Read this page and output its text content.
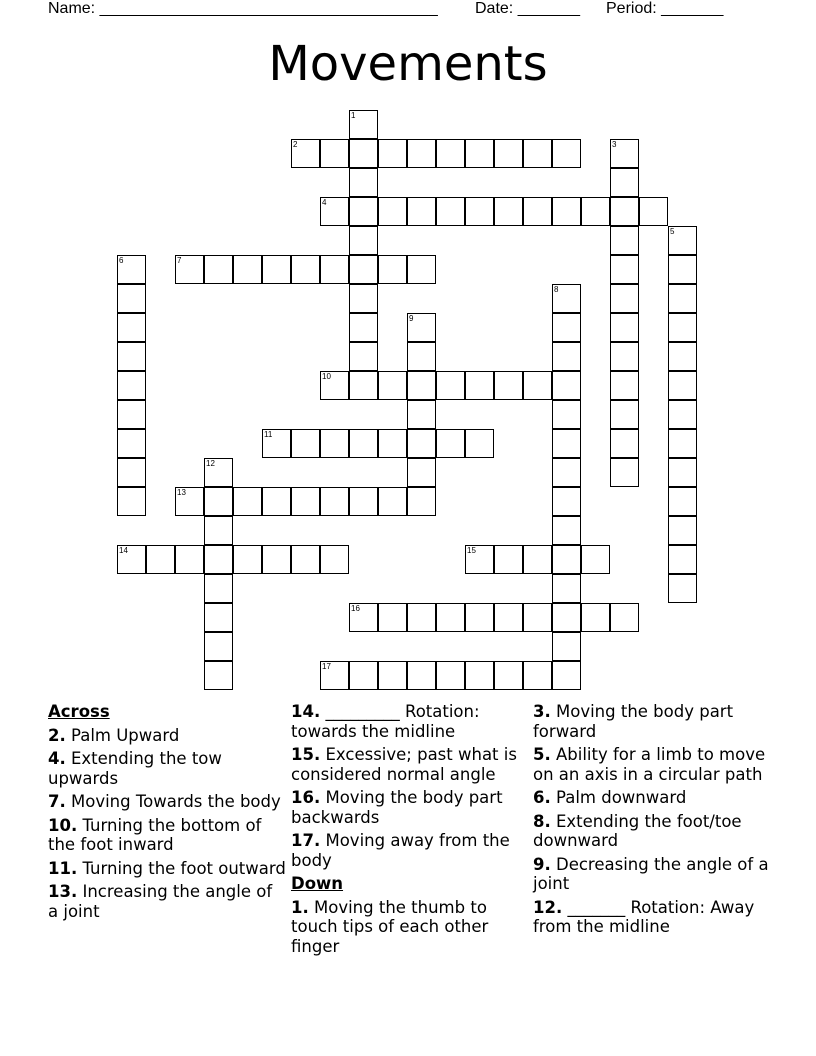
Name: ______________________________________ Date: _______ Period: _______
Movements
1
2	3
4
5
6	7
8
9
10
11
12
13
14	15
16
17
Across
2. Palm Upward
4. Extending the tow upwards
7. Moving Towards the body
10. Turning the bottom of the foot inward
11. Turning the foot outward
13. Increasing the angle of a joint
14. _________ Rotation: towards the midline
15. Excessive; past what is considered normal angle
16. Moving the body part backwards
17. Moving away from the body
Down
1. Moving the thumb to touch tips of each other finger
3. Moving the body part forward
5. Ability for a limb to move on an axis in a circular path
6. Palm downward
8. Extending the foot/toe downward
9. Decreasing the angle of a joint
12. _______ Rotation: Away from the midline
